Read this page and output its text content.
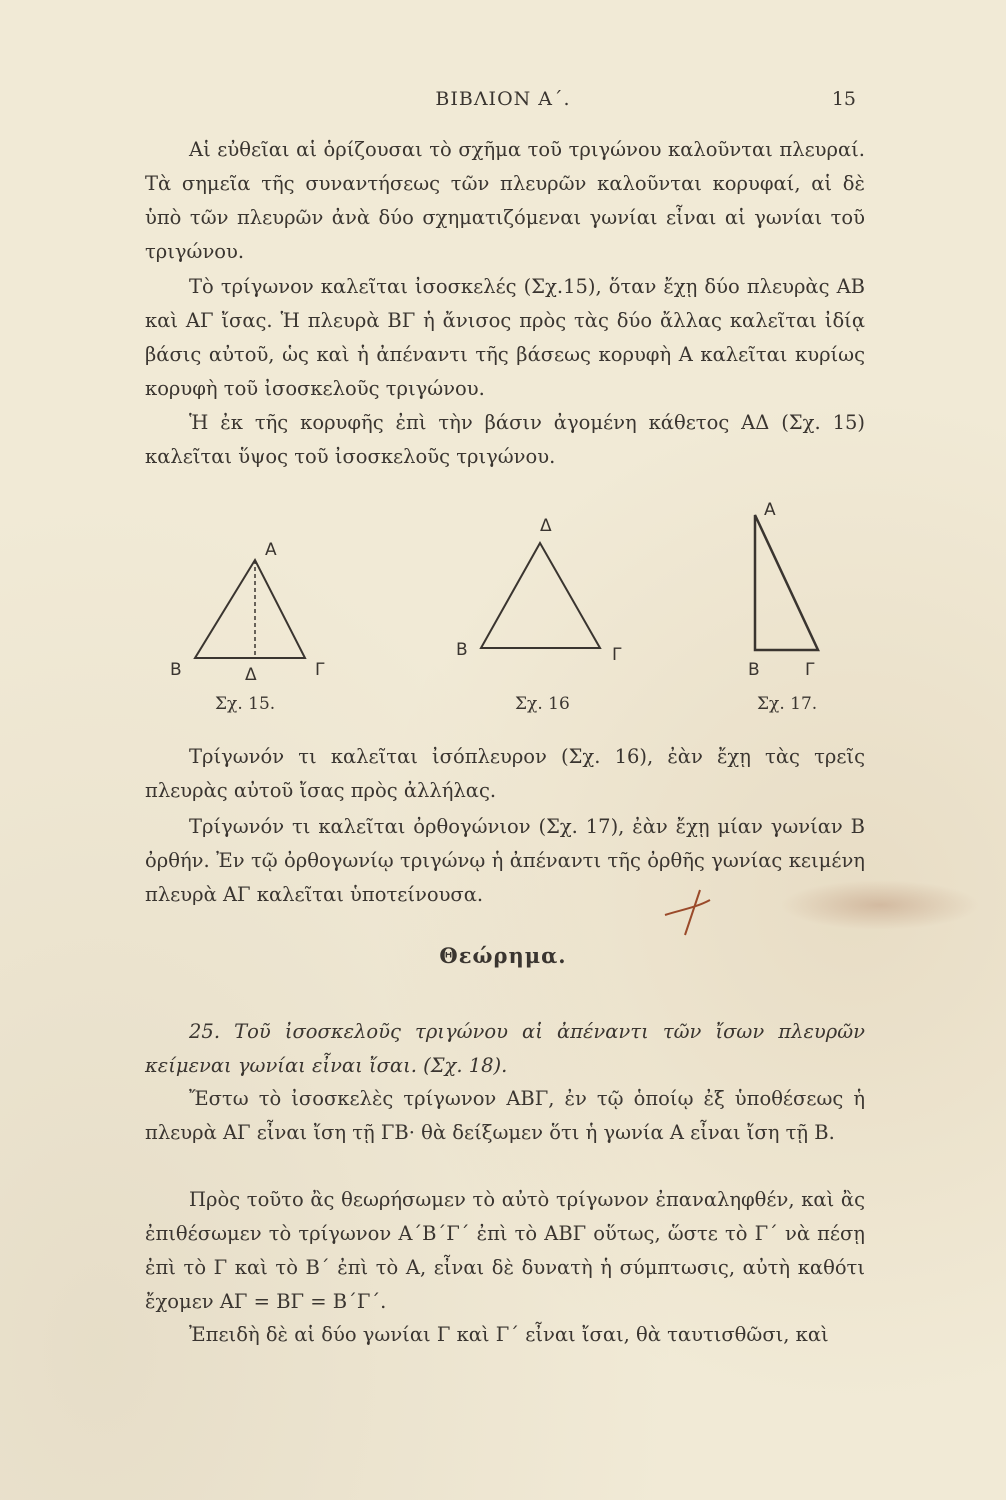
ΒΙΒΛΙΟΝ Α΄.	15

Αἱ εὐθεῖαι αἱ ὁρίζουσαι τὸ σχῆμα τοῦ τριγώνου καλοῦνται πλευραί. Τὰ σημεῖα τῆς συναντήσεως τῶν πλευρῶν καλοῦνται κορυφαί, αἱ δὲ ὑπὸ τῶν πλευρῶν ἀνὰ δύο σχηματιζόμεναι γωνίαι εἶναι αἱ γωνίαι τοῦ τριγώνου.

Τὸ τρίγωνον καλεῖται ἰσοσκελές (Σχ.15), ὅταν ἔχῃ δύο πλευρὰς ΑΒ καὶ ΑΓ ἴσας. Ἡ πλευρὰ ΒΓ ἡ ἄνισος πρὸς τὰς δύο ἄλλας καλεῖται ἰδίᾳ βάσις αὐτοῦ, ὡς καὶ ἡ ἀπέναντι τῆς βάσεως κορυφὴ Α καλεῖται κυρίως κορυφὴ τοῦ ἰσοσκελοῦς τριγώνου.

Ἡ ἐκ τῆς κορυφῆς ἐπὶ τὴν βάσιν ἀγομένη κάθετος ΑΔ (Σχ. 15) καλεῖται ὕψος τοῦ ἰσοσκελοῦς τριγώνου.

Α
Β	Δ	Γ
Σχ. 15.
Δ
Β	Γ
Σχ. 16
Α
Β	Γ
Σχ. 17.

Τρίγωνόν τι καλεῖται ἰσόπλευρον (Σχ. 16), ἐὰν ἔχῃ τὰς τρεῖς πλευρὰς αὐτοῦ ἴσας πρὸς ἀλλήλας.

Τρίγωνόν τι καλεῖται ὀρθογώνιον (Σχ. 17), ἐὰν ἔχῃ μίαν γωνίαν Β ὀρθήν. Ἐν τῷ ὀρθογωνίῳ τριγώνῳ ἡ ἀπέναντι τῆς ὀρθῆς γωνίας κειμένη πλευρὰ ΑΓ καλεῖται ὑποτείνουσα.

Θεώρημα.

25. Τοῦ ἰσοσκελοῦς τριγώνου αἱ ἀπέναντι τῶν ἴσων πλευρῶν κείμεναι γωνίαι εἶναι ἴσαι. (Σχ. 18).

Ἔστω τὸ ἰσοσκελὲς τρίγωνον ΑΒΓ, ἐν τῷ ὁποίῳ ἐξ ὑποθέσεως ἡ πλευρὰ ΑΓ εἶναι ἴση τῇ ΓΒ· θὰ δείξωμεν ὅτι ἡ γωνία Α εἶναι ἴση τῇ Β.

Πρὸς τοῦτο ἂς θεωρήσωμεν τὸ αὐτὸ τρίγωνον ἐπαναληφθέν, καὶ ἂς ἐπιθέσωμεν τὸ τρίγωνον Α΄Β΄Γ΄ ἐπὶ τὸ ΑΒΓ οὕτως, ὥστε τὸ Γ΄ νὰ πέσῃ ἐπὶ τὸ Γ καὶ τὸ Β΄ ἐπὶ τὸ Α, εἶναι δὲ δυνατὴ ἡ σύμπτωσις, αὐτὴ καθότι ἔχομεν ΑΓ = ΒΓ = Β΄Γ΄.

Ἐπειδὴ δὲ αἱ δύο γωνίαι Γ καὶ Γ΄ εἶναι ἴσαι, θὰ ταυτισθῶσι, καὶ
